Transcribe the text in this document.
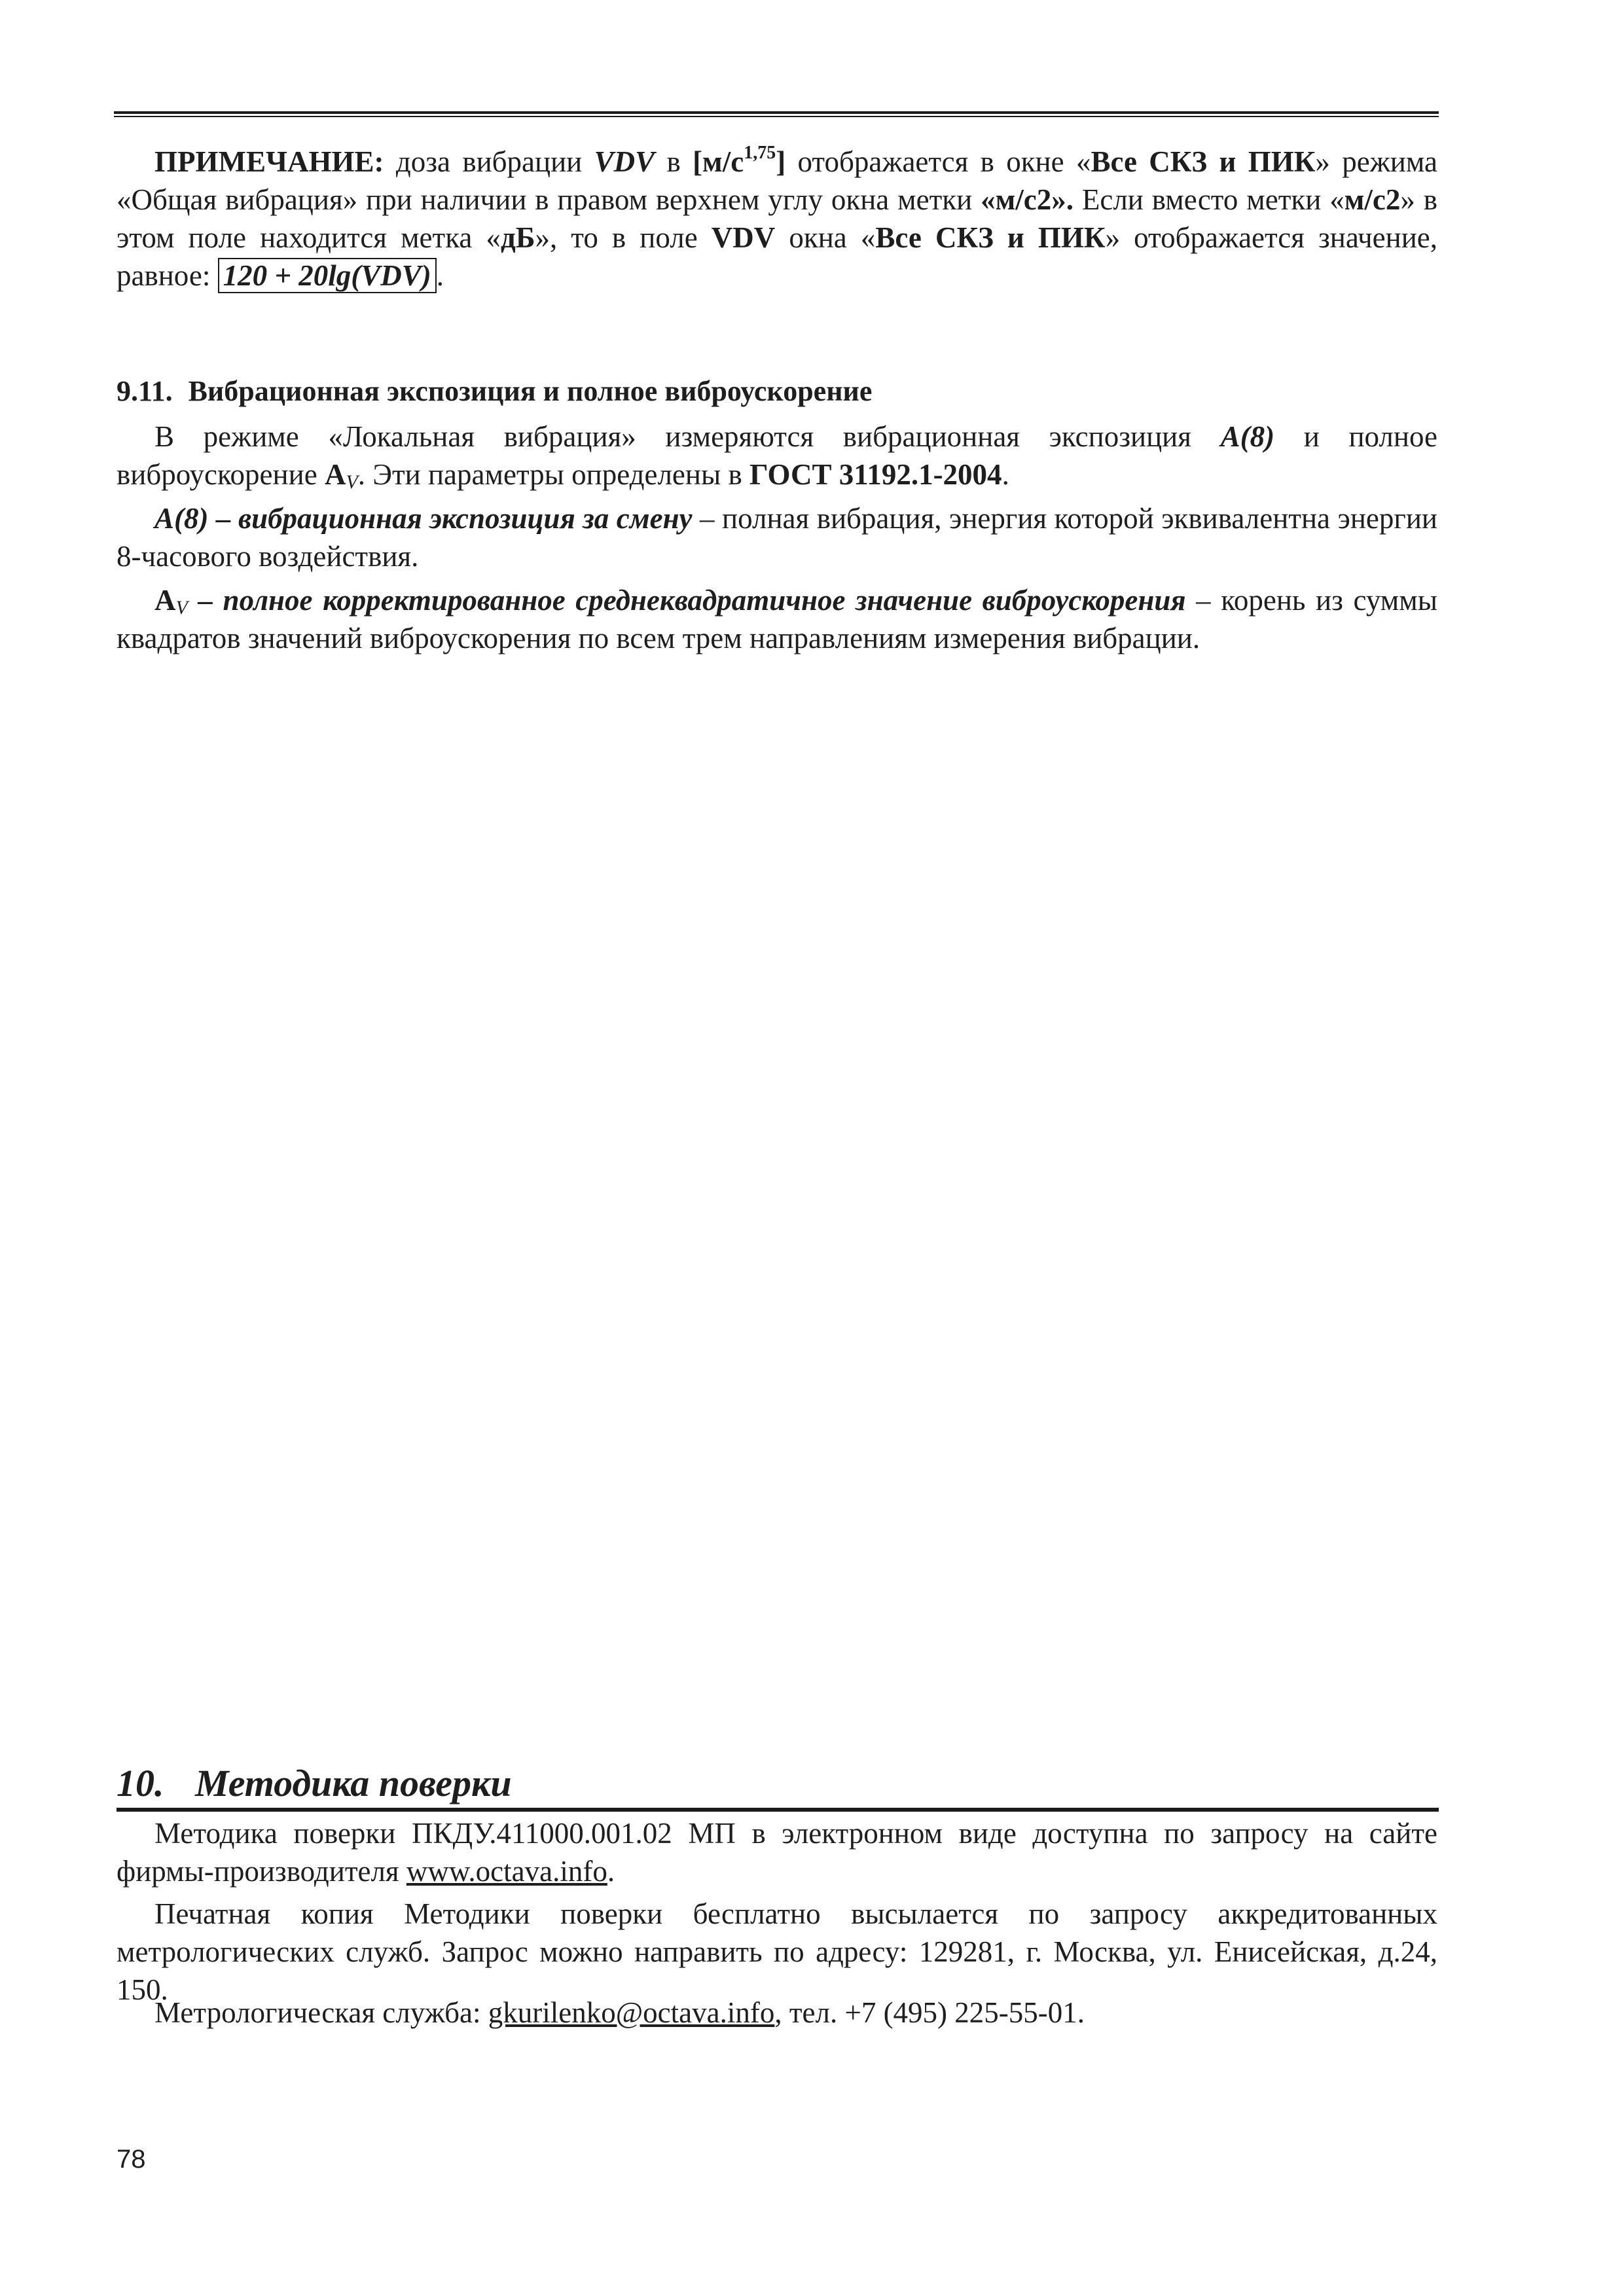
ПРИМЕЧАНИЕ: доза вибрации VDV в $[м/с^{1,75}]$ отображается в окне «Все СКЗ и ПИК» режима «Общая вибрация» при наличии в правом верхнем углу окна метки «м/с2». Если вместо метки «м/с2» в этом поле находится метка «дБ», то в поле VDV окна «Все СКЗ и ПИК» отображается значение, равное: 120 + 20lg(VDV) .

9.11. Вибрационная экспозиция и полное виброускорение

В режиме «Локальная вибрация» измеряются вибрационная экспозиция A(8) и полное виброускорение $A_V$. Эти параметры определены в ГОСТ 31192.1-2004.

A(8) – вибрационная экспозиция за смену – полная вибрация, энергия которой эквивалентна энергии 8-часового воздействия.

$A_V$ – полное корректированное среднеквадратичное значение виброускорения – корень из суммы квадратов значений виброускорения по всем трем направлениям измерения вибрации.

10. Методика поверки

Методика поверки ПКДУ.411000.001.02 МП в электронном виде доступна по запросу на сайте фирмы-производителя www.octava.info.

Печатная копия Методики поверки бесплатно высылается по запросу аккредитованных метрологических служб. Запрос можно направить по адресу: 129281, г. Москва, ул. Енисейская, д.24, 150.

Метрологическая служба: gkurilenko@octava.info, тел. +7 (495) 225-55-01.

78
